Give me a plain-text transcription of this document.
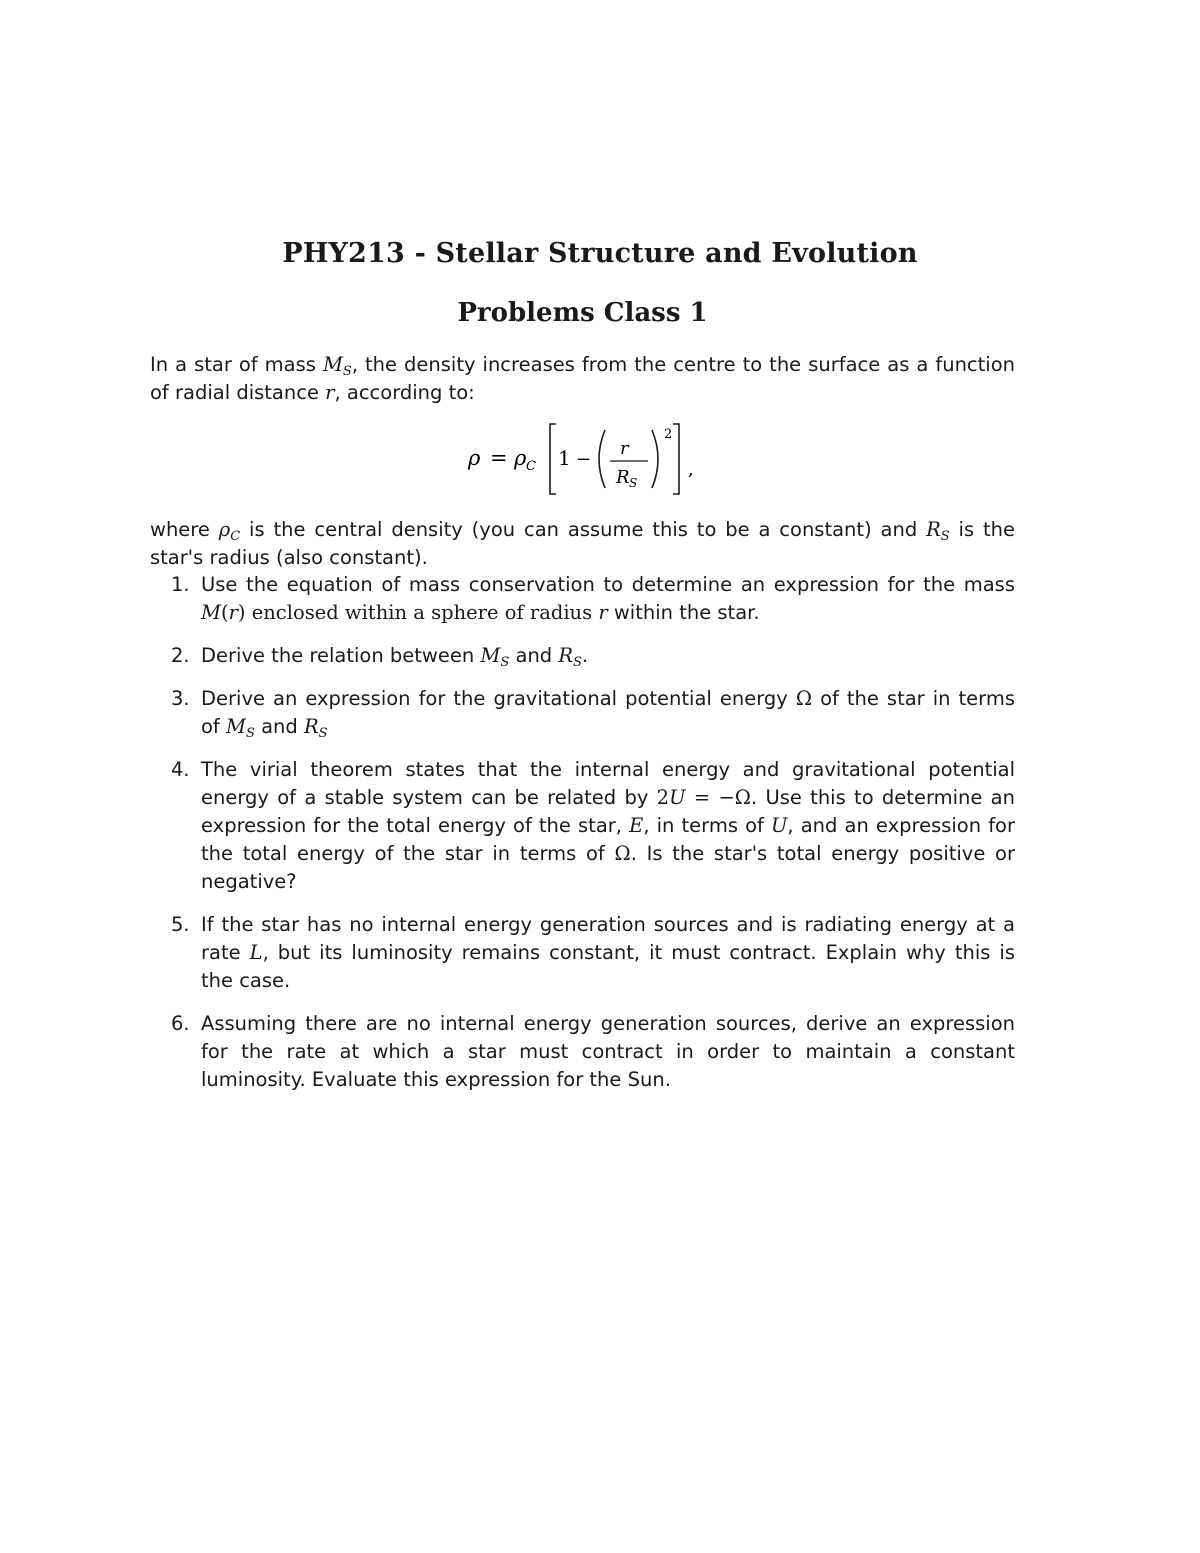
PHY213 - Stellar Structure and Evolution
Problems Class 1
In a star of mass $M_S$, the density increases from the centre to the surface as a function of radial distance r, according to:
ρ = ρ C 1 −
r
R S
2
,
where $\rho_C$ is the central density (you can assume this to be a constant) and $R_S$ is the star's radius (also constant).
1. Use the equation of mass conservation to determine an expression for the mass M(r) enclosed within a sphere of radius r within the star.
2. Derive the relation between $M_S$ and $R_S$.
3. Derive an expression for the gravitational potential energy Ω of the star in terms of $M_S$ and $R_S$
4. The virial theorem states that the internal energy and gravitational potential energy of a stable system can be related by 2U = −Ω. Use this to determine an expression for the total energy of the star, E, in terms of U, and an expression for the total energy of the star in terms of Ω. Is the star's total energy positive or negative?
5. If the star has no internal energy generation sources and is radiating energy at a rate L, but its luminosity remains constant, it must contract. Explain why this is the case.
6. Assuming there are no internal energy generation sources, derive an expression for the rate at which a star must contract in order to maintain a constant luminosity. Evaluate this expression for the Sun.
